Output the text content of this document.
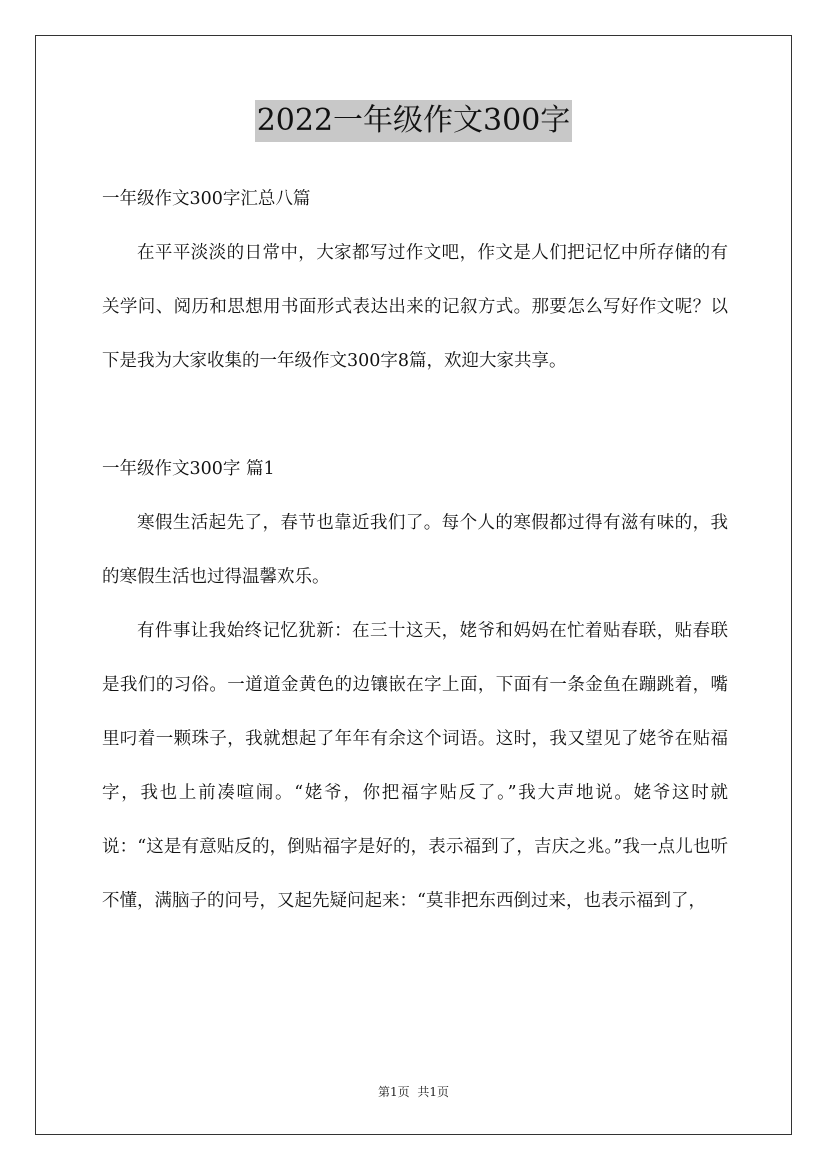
2022一年级作文300字

一年级作文300字汇总八篇

在平平淡淡的日常中，大家都写过作文吧，作文是人们把记忆中所存储的有关学问、阅历和思想用书面形式表达出来的记叙方式。那要怎么写好作文呢？以下是我为大家收集的一年级作文300字8篇，欢迎大家共享。

一年级作文300字 篇1

寒假生活起先了，春节也靠近我们了。每个人的寒假都过得有滋有味的，我的寒假生活也过得温馨欢乐。

有件事让我始终记忆犹新：在三十这天，姥爷和妈妈在忙着贴春联，贴春联是我们的习俗。一道道金黄色的边镶嵌在字上面，下面有一条金鱼在蹦跳着，嘴里叼着一颗珠子，我就想起了年年有余这个词语。这时，我又望见了姥爷在贴福字，我也上前凑喧闹。“姥爷，你把福字贴反了。”我大声地说。姥爷这时就说：“这是有意贴反的，倒贴福字是好的，表示福到了，吉庆之兆。”我一点儿也听不懂，满脑子的问号，又起先疑问起来：“莫非把东西倒过来，也表示福到了，

第1页 共1页
